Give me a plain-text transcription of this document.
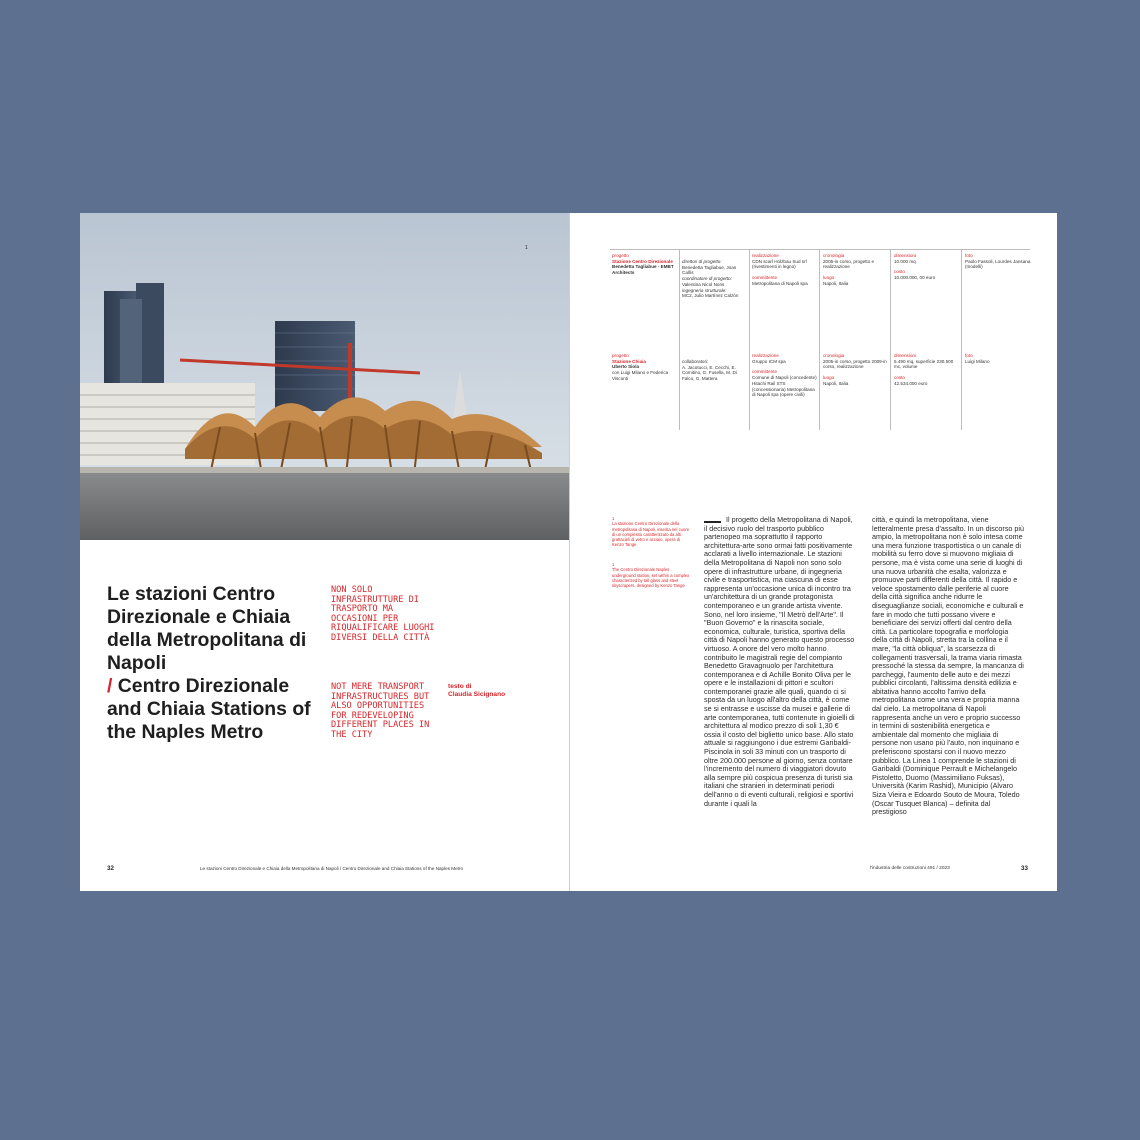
1
Le stazioni Centro Direzionale e Chiaia della Metropolitana di Napoli
/ Centro Direzionale and Chiaia Stations of the Naples Metro

NON SOLO INFRASTRUTTURE DI TRASPORTO MA OCCASIONI PER RIQUALIFICARE LUOGHI DIVERSI DELLA CITTÀ

NOT MERE TRANSPORT INFRASTRUCTURES BUT ALSO OPPORTUNITIES FOR REDEVELOPING DIFFERENT PLACES IN THE CITY

testo di
Claudia Sicignano
32	Le stazioni Centro Direzionale e Chiaia della Metropolitana di Napoli / Centro Direzionale and Chiaia Stations of the Naples Metro
progetto
Stazione Centro Direzionale
Benedetta Tagliabue - EMBT Architects
direttori di progetto:
Benedetta Tagliabue, Joan Callís
coordinatore di progetto:
Valentina Nicol Noris
ingegneria strutturale:
MC2, Julio Martínez Calzón
realizzazione
CDN scarl Holzbau Sud srl (rivestimenti in legno)
committente
Metropolitana di Napoli spa
cronologia
2005-in corso, progetto e realizzazione
luogo
Napoli, Italia
dimensioni
10.000 mq
costo
10.000.000, 00 euro
foto
Paolo Fassoli, Lourdes Jansana (modelli)
progetto
Stazione Chiaia
Uberto Siola
con Luigi Milano e Federica Visconti
collaboratori:
A. Jacotucci, E. Cecchi, E. Comitino, G. Fusella, M. Di Falco, G. Mattera
realizzazione
Gruppo ICM spa
committente
Comune di Napoli (concedente) Hitachi Rail STS (concessionaria) Metropolitana di Napoli spa (opere civili)
cronologia
2005-in corso, progetto 2009-in corso, realizzazione
luogo
Napoli, Italia
dimensioni
5.490 mq, superficie 230.500 mc, volume
costo
42.534.000 euro
foto
Luigi Milano
1
La stazione Centro Direzionale della metropolitana di Napoli, inserita nel cuore di un complesso caratterizzato da alti grattacieli di vetro e acciaio, opera di Kenzo Tange
1
The Centro Direzionale Naples underground station, set within a complex characterized by tall glass and steel skyscrapers, designed by Kenzo Tange
Il progetto della Metropolitana di Napoli, il decisivo ruolo del trasporto pubblico partenopeo ma soprattutto il rapporto architettura-arte sono ormai fatti positivamente acclarati a livello internazionale. Le stazioni della Metropolitana di Napoli non sono solo opere di infrastrutture urbane, di ingegneria civile e trasportistica, ma ciascuna di esse rappresenta un'occasione unica di incontro tra un'architettura di un grande protagonista contemporaneo e un grande artista vivente. Sono, nel loro insieme, "Il Metrò dell'Arte". Il "Buon Governo" e la rinascita sociale, economica, culturale, turistica, sportiva della città di Napoli hanno generato questo processo virtuoso. A onore del vero molto hanno contribuito le magistrali regie del compianto Benedetto Gravagnuolo per l'architettura contemporanea e di Achille Bonito Oliva per le opere e le installazioni di pittori e scultori contemporanei grazie alle quali, quando ci si sposta da un luogo all'altro della città, è come se si entrasse e uscisse da musei e gallerie di arte contemporanea, tutti contenute in gioielli di architettura al modico prezzo di soli 1,30 € ossia il costo del biglietto unico base. Allo stato attuale si raggiungono i due estremi Garibaldi-Piscinola in soli 33 minuti con un trasporto di oltre 200.000 persone al giorno, senza contare l'incremento del numero di viaggiatori dovuto alla sempre più cospicua presenza di turisti sia italiani che stranieri in determinati periodi dell'anno o di eventi culturali, religiosi e sportivi durante i quali la
città, e quindi la metropolitana, viene letteralmente presa d'assalto. In un discorso più ampio, la metropolitana non è solo intesa come una mera funzione trasportistica o un canale di mobilità su ferro dove si muovono migliaia di persone, ma è vista come una serie di luoghi di una nuova urbanità che esalta, valorizza e promuove parti differenti della città. Il rapido e veloce spostamento dalle periferie al cuore della città significa anche ridurre le diseguaglianze sociali, economiche e culturali e fare in modo che tutti possano vivere e beneficiare dei servizi offerti dal centro della città. La particolare topografia e morfologia della città di Napoli, stretta tra la collina e il mare, "la città obliqua", la scarsezza di collegamenti trasversali, la trama viaria rimasta pressoché la stessa da sempre, la mancanza di parcheggi, l'aumento delle auto e dei mezzi pubblici circolanti, l'altissima densità edilizia e abitativa hanno accolto l'arrivo della metropolitana come una vera e propria manna dal cielo. La metropolitana di Napoli rappresenta anche un vero e proprio successo in termini di sostenibilità energetica e ambientale dal momento che migliaia di persone non usano più l'auto, non inquinano e preferiscono spostarsi con il nuovo mezzo pubblico. La Linea 1 comprende le stazioni di Garibaldi (Dominique Perrault e Michelangelo Pistoletto, Duomo (Massimiliano Fuksas), Università (Karim Rashid), Municipio (Alvaro Siza Vieira e Edoardo Souto de Moura, Toledo (Oscar Tusquet Blanca) – definita dal prestigioso
l'industria delle costruzioni 491 / 2023	33
